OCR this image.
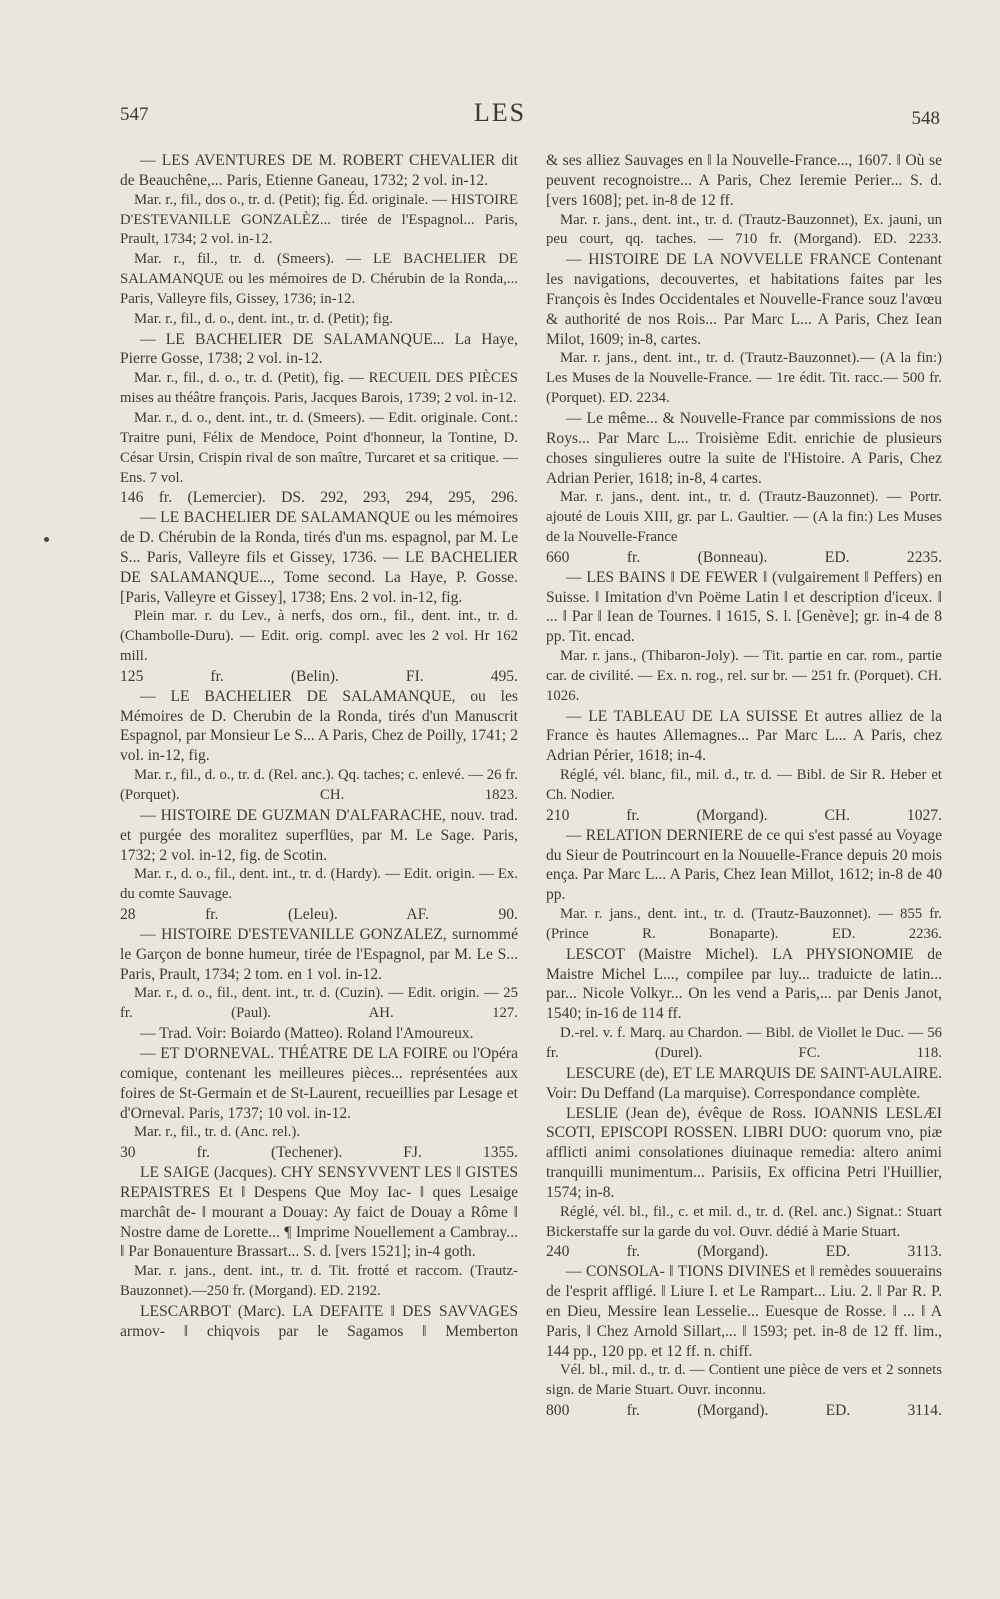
547	LES	548

— LES AVENTURES DE M. ROBERT CHEVALIER dit de Beauchêne,... Paris, Etienne Ganeau, 1732; 2 vol. in-12.

Mar. r., fil., dos o., tr. d. (Petit); fig. Éd. originale. — HISTOIRE D'ESTEVANILLE GONZALÈZ... tirée de l'Espagnol... Paris, Prault, 1734; 2 vol. in-12.

Mar. r., fil., tr. d. (Smeers). — LE BACHELIER DE SALAMANQUE ou les mémoires de D. Chérubin de la Ronda,... Paris, Valleyre fils, Gissey, 1736; in-12.

Mar. r., fil., d. o., dent. int., tr. d. (Petit); fig.

— LE BACHELIER DE SALAMANQUE... La Haye, Pierre Gosse, 1738; 2 vol. in-12.

Mar. r., fil., d. o., tr. d. (Petit), fig. — RECUEIL DES PIÈCES mises au théâtre françois. Paris, Jacques Barois, 1739; 2 vol. in-12.

Mar. r., d. o., dent. int., tr. d. (Smeers). — Edit. originale. Cont.: Traitre puni, Félix de Mendoce, Point d'honneur, la Tontine, D. César Ursin, Crispin rival de son maître, Turcaret et sa critique. — Ens. 7 vol.

146 fr. (Lemercier). DS. 292, 293, 294, 295, 296.

— LE BACHELIER DE SALAMANQUE ou les mémoires de D. Chérubin de la Ronda, tirés d'un ms. espagnol, par M. Le S... Paris, Valleyre fils et Gissey, 1736. — LE BACHELIER DE SALAMANQUE..., Tome second. La Haye, P. Gosse. [Paris, Valleyre et Gissey], 1738; Ens. 2 vol. in-12, fig.

Plein mar. r. du Lev., à nerfs, dos orn., fil., dent. int., tr. d. (Chambolle-Duru). — Edit. orig. compl. avec les 2 vol. Hr 162 mill.

125 fr. (Belin). FI. 495.

— LE BACHELIER DE SALAMANQUE, ou les Mémoires de D. Cherubin de la Ronda, tirés d'un Manuscrit Espagnol, par Monsieur Le S... A Paris, Chez de Poilly, 1741; 2 vol. in-12, fig.

Mar. r., fil., d. o., tr. d. (Rel. anc.). Qq. taches; c. enlevé. — 26 fr. (Porquet). CH. 1823.

— HISTOIRE DE GUZMAN D'ALFARACHE, nouv. trad. et purgée des moralitez superflües, par M. Le Sage. Paris, 1732; 2 vol. in-12, fig. de Scotin.

Mar. r., d. o., fil., dent. int., tr. d. (Hardy). — Edit. origin. — Ex. du comte Sauvage.

28 fr. (Leleu). AF. 90.

— HISTOIRE D'ESTEVANILLE GONZALEZ, surnommé le Garçon de bonne humeur, tirée de l'Espagnol, par M. Le S... Paris, Prault, 1734; 2 tom. en 1 vol. in-12.

Mar. r., d. o., fil., dent. int., tr. d. (Cuzin). — Edit. origin. — 25 fr. (Paul). AH. 127.

— Trad. Voir: Boiardo (Matteo). Roland l'Amoureux.

— ET D'ORNEVAL. THÉATRE DE LA FOIRE ou l'Opéra comique, contenant les meilleures pièces... représentées aux foires de St-Germain et de St-Laurent, recueillies par Lesage et d'Orneval. Paris, 1737; 10 vol. in-12.

Mar. r., fil., tr. d. (Anc. rel.).

30 fr. (Techener). FJ. 1355.

LE SAIGE (Jacques). CHY SENSYVVENT LES ‖ GISTES REPAISTRES Et ‖ Despens Que Moy Iac- ‖ ques Lesaige marchât de- ‖ mourant a Douay: Ay faict de Douay a Rôme ‖ Nostre dame de Lorette... ¶ Imprime Nouellement a Cambray... ‖ Par Bonauenture Brassart... S. d. [vers 1521]; in-4 goth.

Mar. r. jans., dent. int., tr. d. Tit. frotté et raccom. (Trautz-Bauzonnet).—250 fr. (Morgand). ED. 2192.

LESCARBOT (Marc). LA DEFAITE ‖ DES SAVVAGES armov- ‖ chiqvois par le Sagamos ‖ Memberton

& ses alliez Sauvages en ‖ la Nouvelle-France..., 1607. ‖ Où se peuvent recognoistre... A Paris, Chez Ieremie Perier... S. d. [vers 1608]; pet. in-8 de 12 ff.

Mar. r. jans., dent. int., tr. d. (Trautz-Bauzonnet), Ex. jauni, un peu court, qq. taches. — 710 fr. (Morgand). ED. 2233.

— HISTOIRE DE LA NOVVELLE FRANCE Contenant les navigations, decouvertes, et habitations faites par les François ès Indes Occidentales et Nouvelle-France souz l'avœu & authorité de nos Rois... Par Marc L... A Paris, Chez Iean Milot, 1609; in-8, cartes.

Mar. r. jans., dent. int., tr. d. (Trautz-Bauzonnet).— (A la fin:) Les Muses de la Nouvelle-France. — 1re édit. Tit. racc.— 500 fr. (Porquet). ED. 2234.

— Le même... & Nouvelle-France par commissions de nos Roys... Par Marc L... Troisième Edit. enrichie de plusieurs choses singulieres outre la suite de l'Histoire. A Paris, Chez Adrian Perier, 1618; in-8, 4 cartes.

Mar. r. jans., dent. int., tr. d. (Trautz-Bauzonnet). — Portr. ajouté de Louis XIII, gr. par L. Gaultier. — (A la fin:) Les Muses de la Nouvelle-France

660 fr. (Bonneau). ED. 2235.

— LES BAINS ‖ DE FEWER ‖ (vulgairement ‖ Peffers) en Suisse. ‖ Imitation d'vn Poëme Latin ‖ et description d'iceux. ‖ ... ‖ Par ‖ Iean de Tournes. ‖ 1615, S. l. [Genève]; gr. in-4 de 8 pp. Tit. encad.

Mar. r. jans., (Thibaron-Joly). — Tit. partie en car. rom., partie car. de civilité. — Ex. n. rog., rel. sur br. — 251 fr. (Porquet). CH. 1026.

— LE TABLEAU DE LA SUISSE Et autres alliez de la France ès hautes Allemagnes... Par Marc L... A Paris, chez Adrian Périer, 1618; in-4.

Réglé, vél. blanc, fil., mil. d., tr. d. — Bibl. de Sir R. Heber et Ch. Nodier.

210 fr. (Morgand). CH. 1027.

— RELATION DERNIERE de ce qui s'est passé au Voyage du Sieur de Poutrincourt en la Nouuelle-France depuis 20 mois ença. Par Marc L... A Paris, Chez Iean Millot, 1612; in-8 de 40 pp.

Mar. r. jans., dent. int., tr. d. (Trautz-Bauzonnet). — 855 fr. (Prince R. Bonaparte). ED. 2236.

LESCOT (Maistre Michel). LA PHYSIONOMIE de Maistre Michel L..., compilee par luy... traduicte de latin... par... Nicole Volkyr... On les vend a Paris,... par Denis Janot, 1540; in-16 de 114 ff.

D.-rel. v. f. Marq. au Chardon. — Bibl. de Viollet le Duc. — 56 fr. (Durel). FC. 118.

LESCURE (de), ET LE MARQUIS DE SAINT-AULAIRE. Voir: Du Deffand (La marquise). Correspondance complète.

LESLIE (Jean de), évêque de Ross. IOANNIS LESLÆI SCOTI, EPISCOPI ROSSEN. LIBRI DUO: quorum vno, piæ afflicti animi consolationes diuinaque remedia: altero animi tranquilli munimentum... Parisiis, Ex officina Petri l'Huillier, 1574; in-8.

Réglé, vél. bl., fil., c. et mil. d., tr. d. (Rel. anc.) Signat.: Stuart Bickerstaffe sur la garde du vol. Ouvr. dédié à Marie Stuart.

240 fr. (Morgand). ED. 3113.

— CONSOLA- ‖ TIONS DIVINES et ‖ remèdes souuerains de l'esprit affligé. ‖ Liure I. et Le Rampart... Liu. 2. ‖ Par R. P. en Dieu, Messire Iean Lesselie... Euesque de Rosse. ‖ ... ‖ A Paris, ‖ Chez Arnold Sillart,... ‖ 1593; pet. in-8 de 12 ff. lim., 144 pp., 120 pp. et 12 ff. n. chiff.

Vél. bl., mil. d., tr. d. — Contient une pièce de vers et 2 sonnets sign. de Marie Stuart. Ouvr. inconnu.

800 fr. (Morgand). ED. 3114.
